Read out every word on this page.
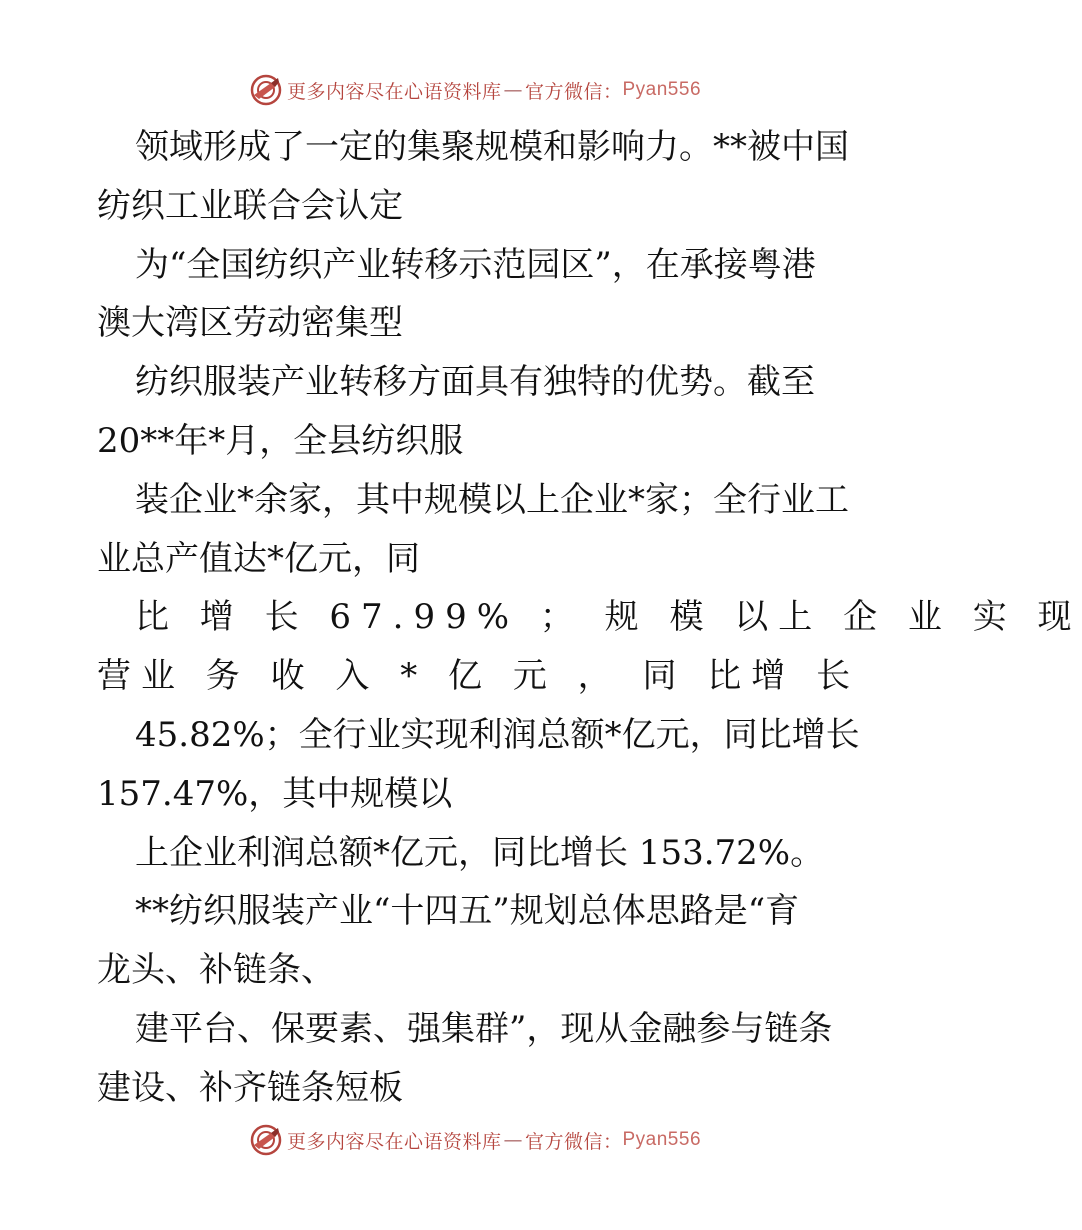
更多内容尽在心语资料库 — 官方微信： Pyan556
领域形成了一定的集聚规模和影响力。**被中国
纺织工业联合会认定
为“全国纺织产业转移示范园区”，在承接粤港
澳大湾区劳动密集型
纺织服装产业转移方面具有独特的优势。截至
20**年*月，全县纺织服
装企业*余家，其中规模以上企业*家；全行业工
业总产值达*亿元，同
比 增 长 67.99% ； 规 模 以上 企 业 实 现
营业 务 收 入 * 亿 元 ， 同 比增 长
45.82%；全行业实现利润总额*亿元，同比增长
157.47%，其中规模以
上企业利润总额*亿元，同比增长 153.72%。
**纺织服装产业“十四五”规划总体思路是“育
龙头、补链条、
建平台、保要素、强集群”，现从金融参与链条
建设、补齐链条短板
更多内容尽在心语资料库 — 官方微信： Pyan556
